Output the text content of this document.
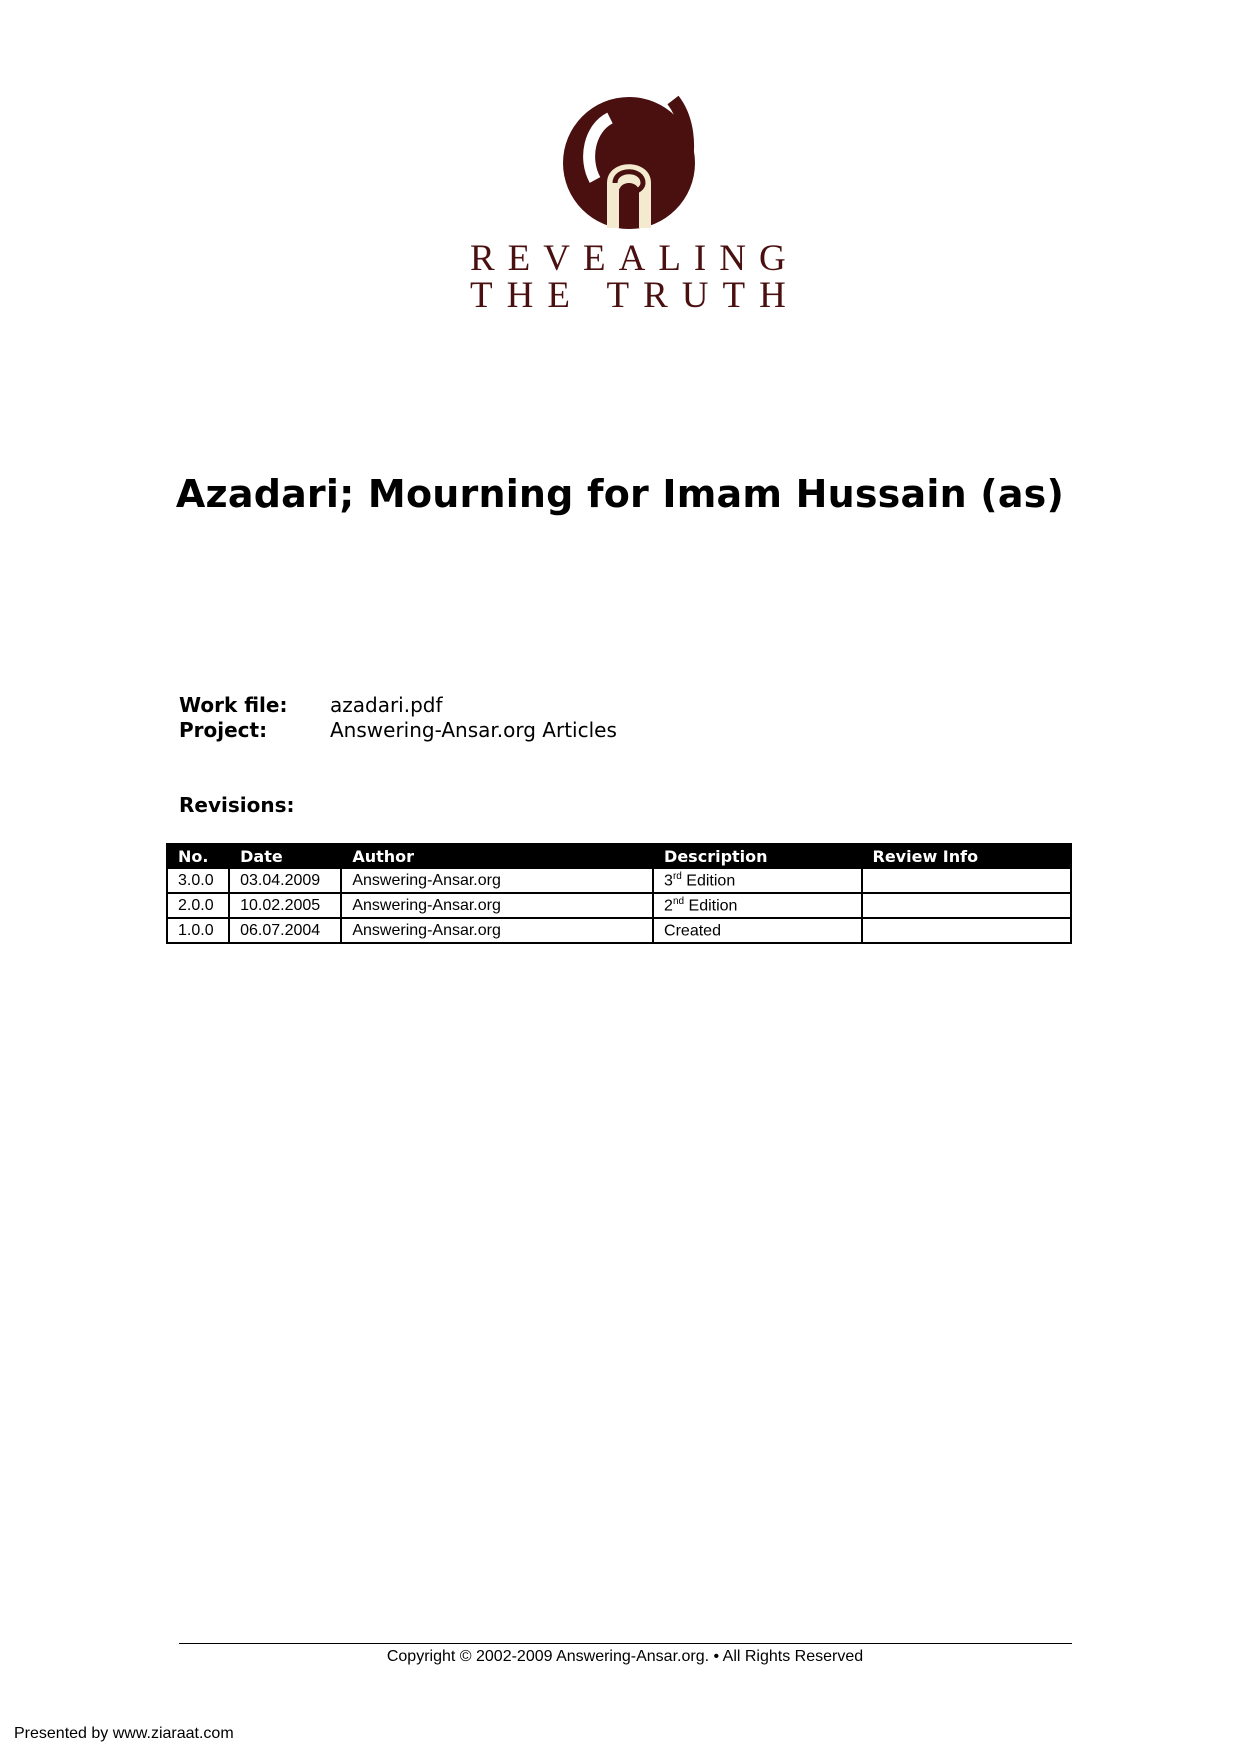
REVEALING
THE TRUTH
Azadari; Mourning for Imam Hussain (as)
Work file: azadari.pdf
Project:	Answering-Ansar.org Articles
Revisions:
No.	Date	Author	Description	Review Info
3.0.0	03.04.2009	Answering-Ansar.org	3rd Edition	
2.0.0	10.02.2005	Answering-Ansar.org	2nd Edition	
1.0.0	06.07.2004	Answering-Ansar.org	Created	
Copyright © 2002-2009 Answering-Ansar.org. • All Rights Reserved
Presented by www.ziaraat.com
